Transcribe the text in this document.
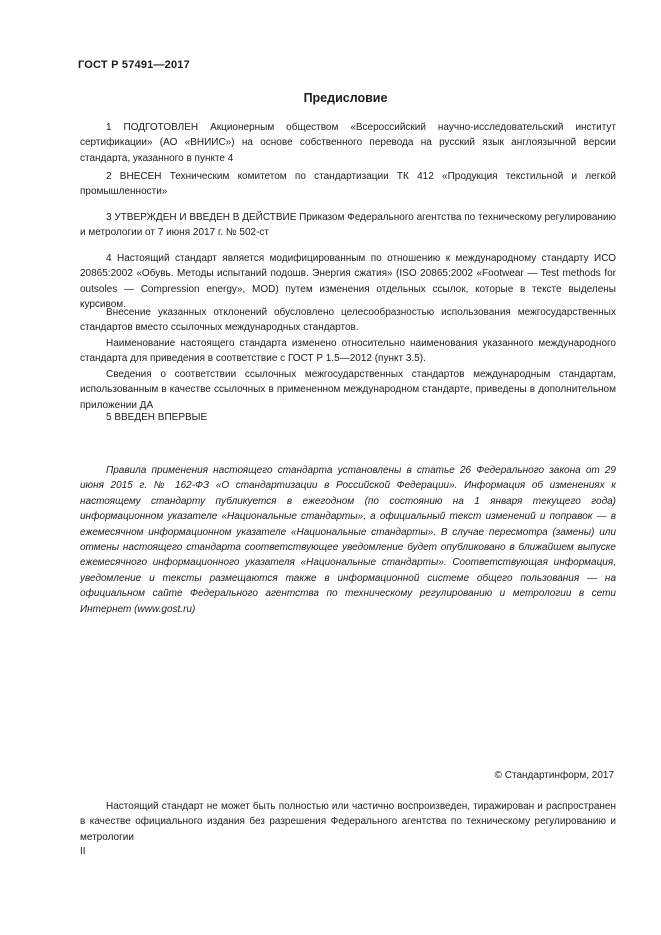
ГОСТ Р 57491—2017
Предисловие

1 ПОДГОТОВЛЕН Акционерным обществом «Всероссийский научно-исследовательский институт сертификации» (АО «ВНИИС») на основе собственного перевода на русский язык англоязычной версии стандарта, указанного в пункте 4

2 ВНЕСЕН Техническим комитетом по стандартизации ТК 412 «Продукция текстильной и легкой промышленности»

3 УТВЕРЖДЕН И ВВЕДЕН В ДЕЙСТВИЕ Приказом Федерального агентства по техническому регулированию и метрологии от 7 июня 2017 г. № 502-ст

4 Настоящий стандарт является модифицированным по отношению к международному стандарту ИСО 20865:2002 «Обувь. Методы испытаний подошв. Энергия сжатия» (ISO 20865:2002 «Footwear — Test methods for outsoles — Compression energy», MOD) путем изменения отдельных ссылок, которые в тексте выделены курсивом.

Внесение указанных отклонений обусловлено целесообразностью использования межгосударственных стандартов вместо ссылочных международных стандартов.

Наименование настоящего стандарта изменено относительно наименования указанного международного стандарта для приведения в соответствие с ГОСТ Р 1.5—2012 (пункт 3.5).

Сведения о соответствии ссылочных межгосударственных стандартов международным стандартам, использованным в качестве ссылочных в примененном международном стандарте, приведены в дополнительном приложении ДА

5 ВВЕДЕН ВПЕРВЫЕ

Правила применения настоящего стандарта установлены в статье 26 Федерального закона от 29 июня 2015 г. № 162-ФЗ «О стандартизации в Российской Федерации». Информация об изменениях к настоящему стандарту публикуется в ежегодном (по состоянию на 1 января текущего года) информационном указателе «Национальные стандарты», а официальный текст изменений и поправок — в ежемесячном информационном указателе «Национальные стандарты». В случае пересмотра (замены) или отмены настоящего стандарта соответствующее уведомление будет опубликовано в ближайшем выпуске ежемесячного информационного указателя «Национальные стандарты». Соответствующая информация, уведомление и тексты размещаются также в информационной системе общего пользования — на официальном сайте Федерального агентства по техническому регулированию и метрологии в сети Интернет (www.gost.ru)

© Стандартинформ, 2017

Настоящий стандарт не может быть полностью или частично воспроизведен, тиражирован и распространен в качестве официального издания без разрешения Федерального агентства по техническому регулированию и метрологии

II
